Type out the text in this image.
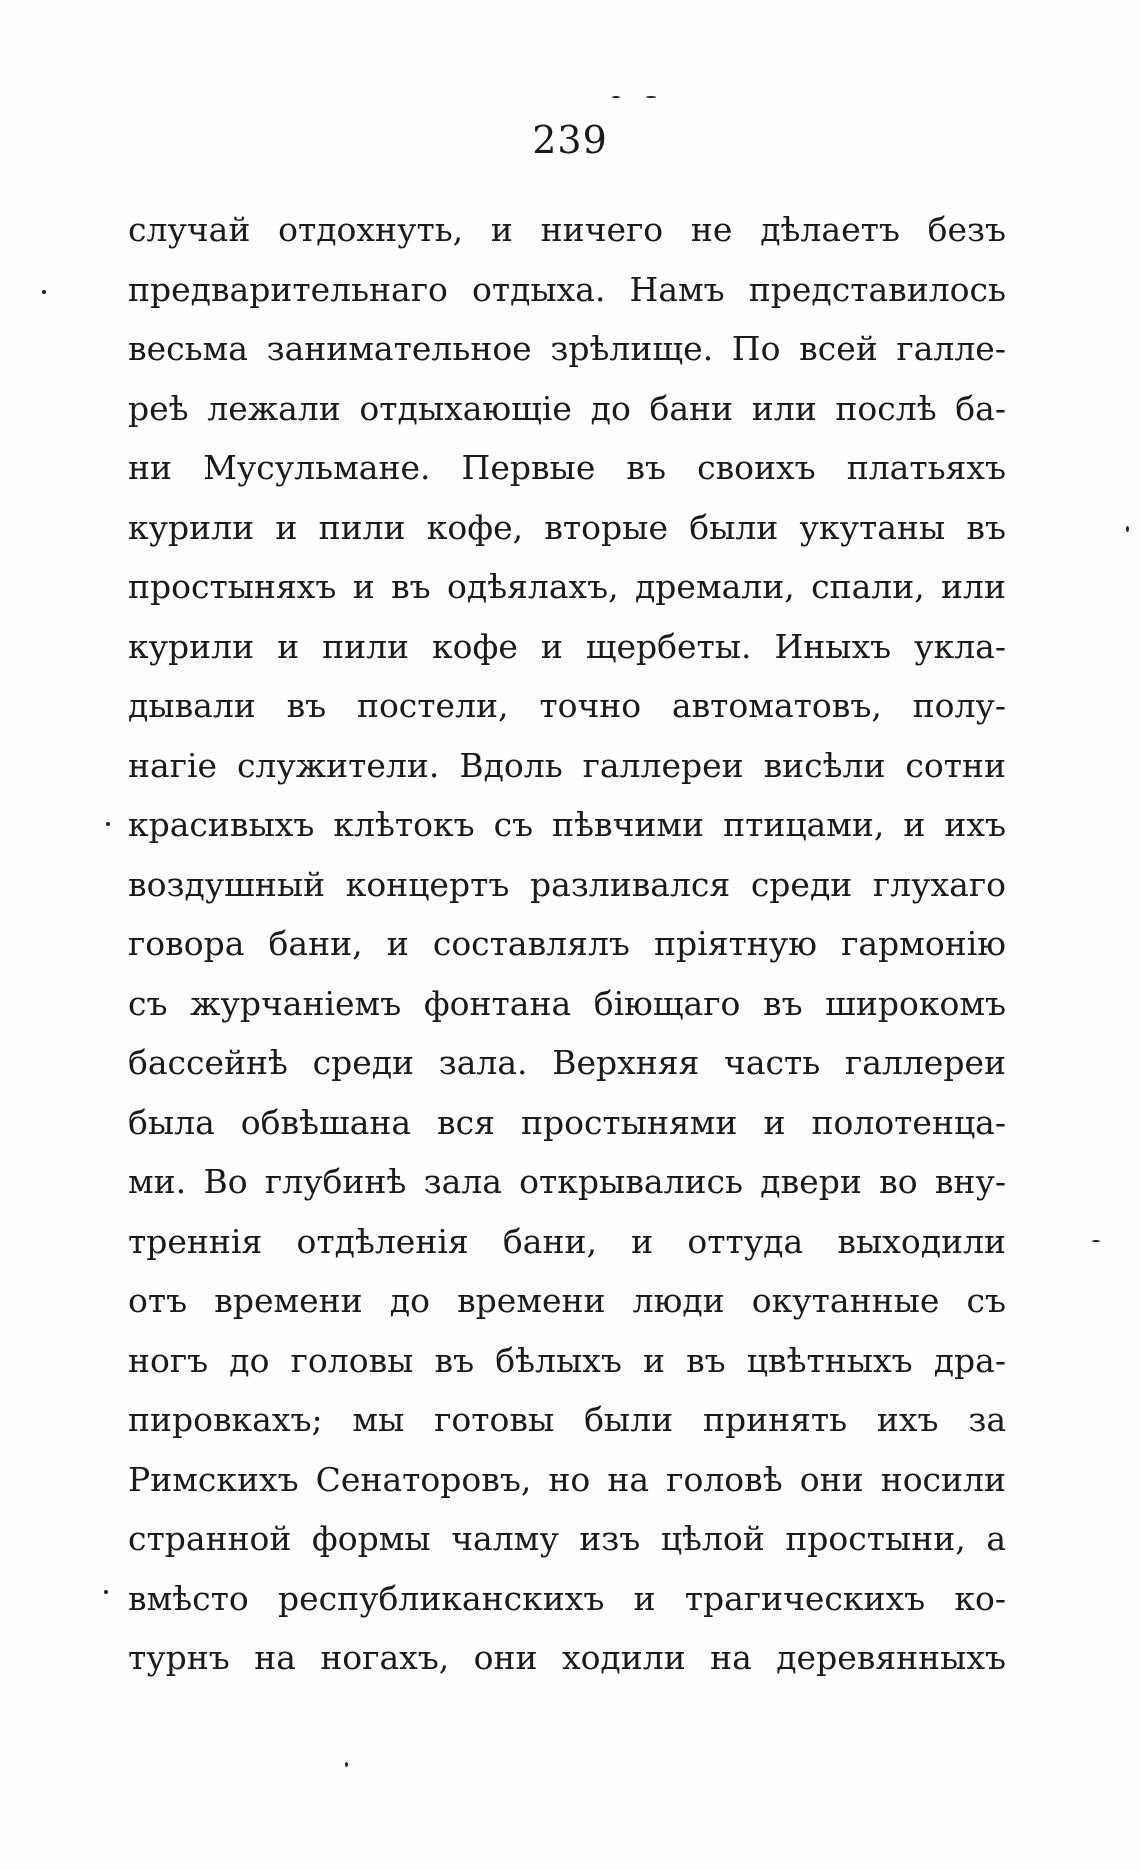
239
случай отдохнуть, и ничего не дѣлаетъ безъ
предварительнаго отдыха. Намъ представилось
весьма занимательное зрѣлище. По всей галле-
реѣ лежали отдыхающіе до бани или послѣ ба-
ни Мусульмане. Первые въ своихъ платьяхъ
курили и пили кофе, вторые были укутаны въ
простыняхъ и въ одѣялахъ, дремали, спали, или
курили и пили кофе и щербеты. Иныхъ укла-
дывали въ постели, точно автоматовъ, полу-
нагіе служители. Вдоль галлереи висѣли сотни
красивыхъ клѣтокъ съ пѣвчими птицами, и ихъ
воздушный концертъ разливался среди глухаго
говора бани, и составлялъ пріятную гармонію
съ журчаніемъ фонтана біющаго въ широкомъ
бассейнѣ среди зала. Верхняя часть галлереи
была обвѣшана вся простынями и полотенца-
ми. Во глубинѣ зала открывались двери во вну-
треннія отдѣленія бани, и оттуда выходили
отъ времени до времени люди окутанные съ
ногъ до головы въ бѣлыхъ и въ цвѣтныхъ дра-
пировкахъ; мы готовы были принять ихъ за
Римскихъ Сенаторовъ, но на головѣ они носили
странной формы чалму изъ цѣлой простыни, а
вмѣсто республиканскихъ и трагическихъ ко-
турнъ на ногахъ, они ходили на деревянныхъ
